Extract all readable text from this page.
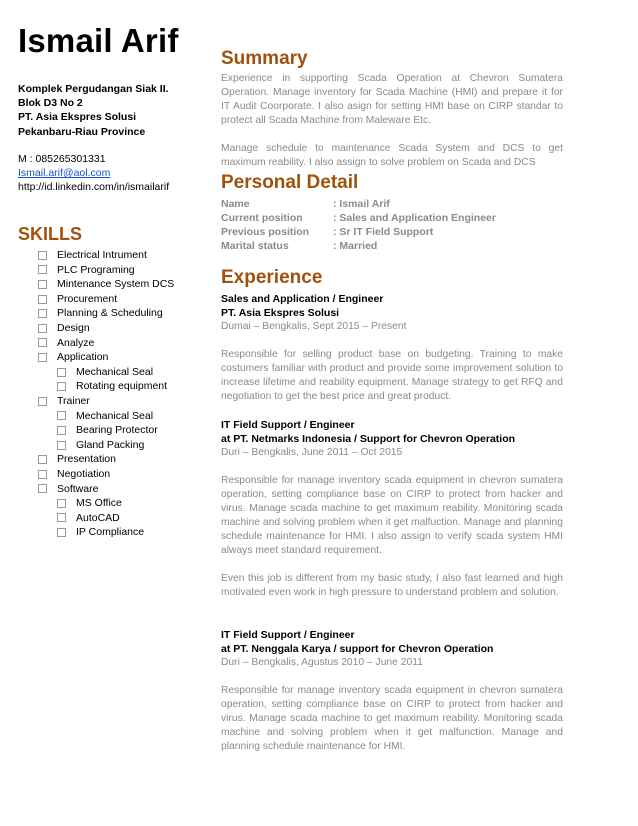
Ismail Arif
Komplek Pergudangan Siak II.
Blok D3 No 2
PT. Asia Ekspres Solusi
Pekanbaru-Riau Province
M : 085265301331
Ismail.arif@aol.com
http://id.linkedin.com/in/ismailarif
SKILLS
Electrical Intrument
PLC Programing
Mintenance System DCS
Procurement
Planning & Scheduling
Design
Analyze
Application
Mechanical Seal
Rotating equipment
Trainer
Mechanical Seal
Bearing Protector
Gland Packing
Presentation
Negotiation
Software
MS Office
AutoCAD
IP Compliance
Summary
Experience in supporting Scada Operation at Chevron Sumatera Operation. Manage inventory for Scada Machine (HMI) and prepare it for IT Audit Coorporate. I also asign for setting HMI base on CIRP standar to protect all Scada Machine from Maleware Etc.
Manage schedule to maintenance Scada System and DCS to get maximum reability. I also assign to solve problem on Scada and DCS
Personal Detail
Name	: Ismail Arif
Current position	: Sales and Application Engineer
Previous position	: Sr IT Field Support
Marital status	: Married
Experience
Sales and Application / Engineer
PT. Asia Ekspres Solusi
Dumai – Bengkalis, Sept 2015 – Present
Responsible for selling product base on budgeting. Training to make costumers familiar with product and provide some improvement solution to increase lifetime and reability equipment. Manage strategy to get RFQ and negotiation to get the best price and great product.
IT Field Support / Engineer
at PT. Netmarks Indonesia / Support for Chevron Operation
Duri – Bengkalis, June 2011 – Oct 2015
Responsible for manage inventory scada equipment in chevron sumatera operation, setting compliance base on CIRP to protect from hacker and virus. Manage scada machine to get maximum reability. Monitoring scada machine and solving problem when it get malfuction. Manage and planning schedule maintenance for HMI. I also assign to verify scada system HMI always meet standard requirement.
Even this job is different from my basic study, I also fast learned and high motivated even work in high pressure to understand problem and solution.
IT Field Support / Engineer
at PT. Nenggala Karya / support for Chevron Operation
Duri – Bengkalis, Agustus 2010 – June 2011
Responsible for manage inventory scada equipment in chevron sumatera operation, setting compliance base on CIRP to protect from hacker and virus. Manage scada machine to get maximum reability. Monitoring scada machine and solving problem when it get malfunction. Manage and planning schedule maintenance for HMI.
